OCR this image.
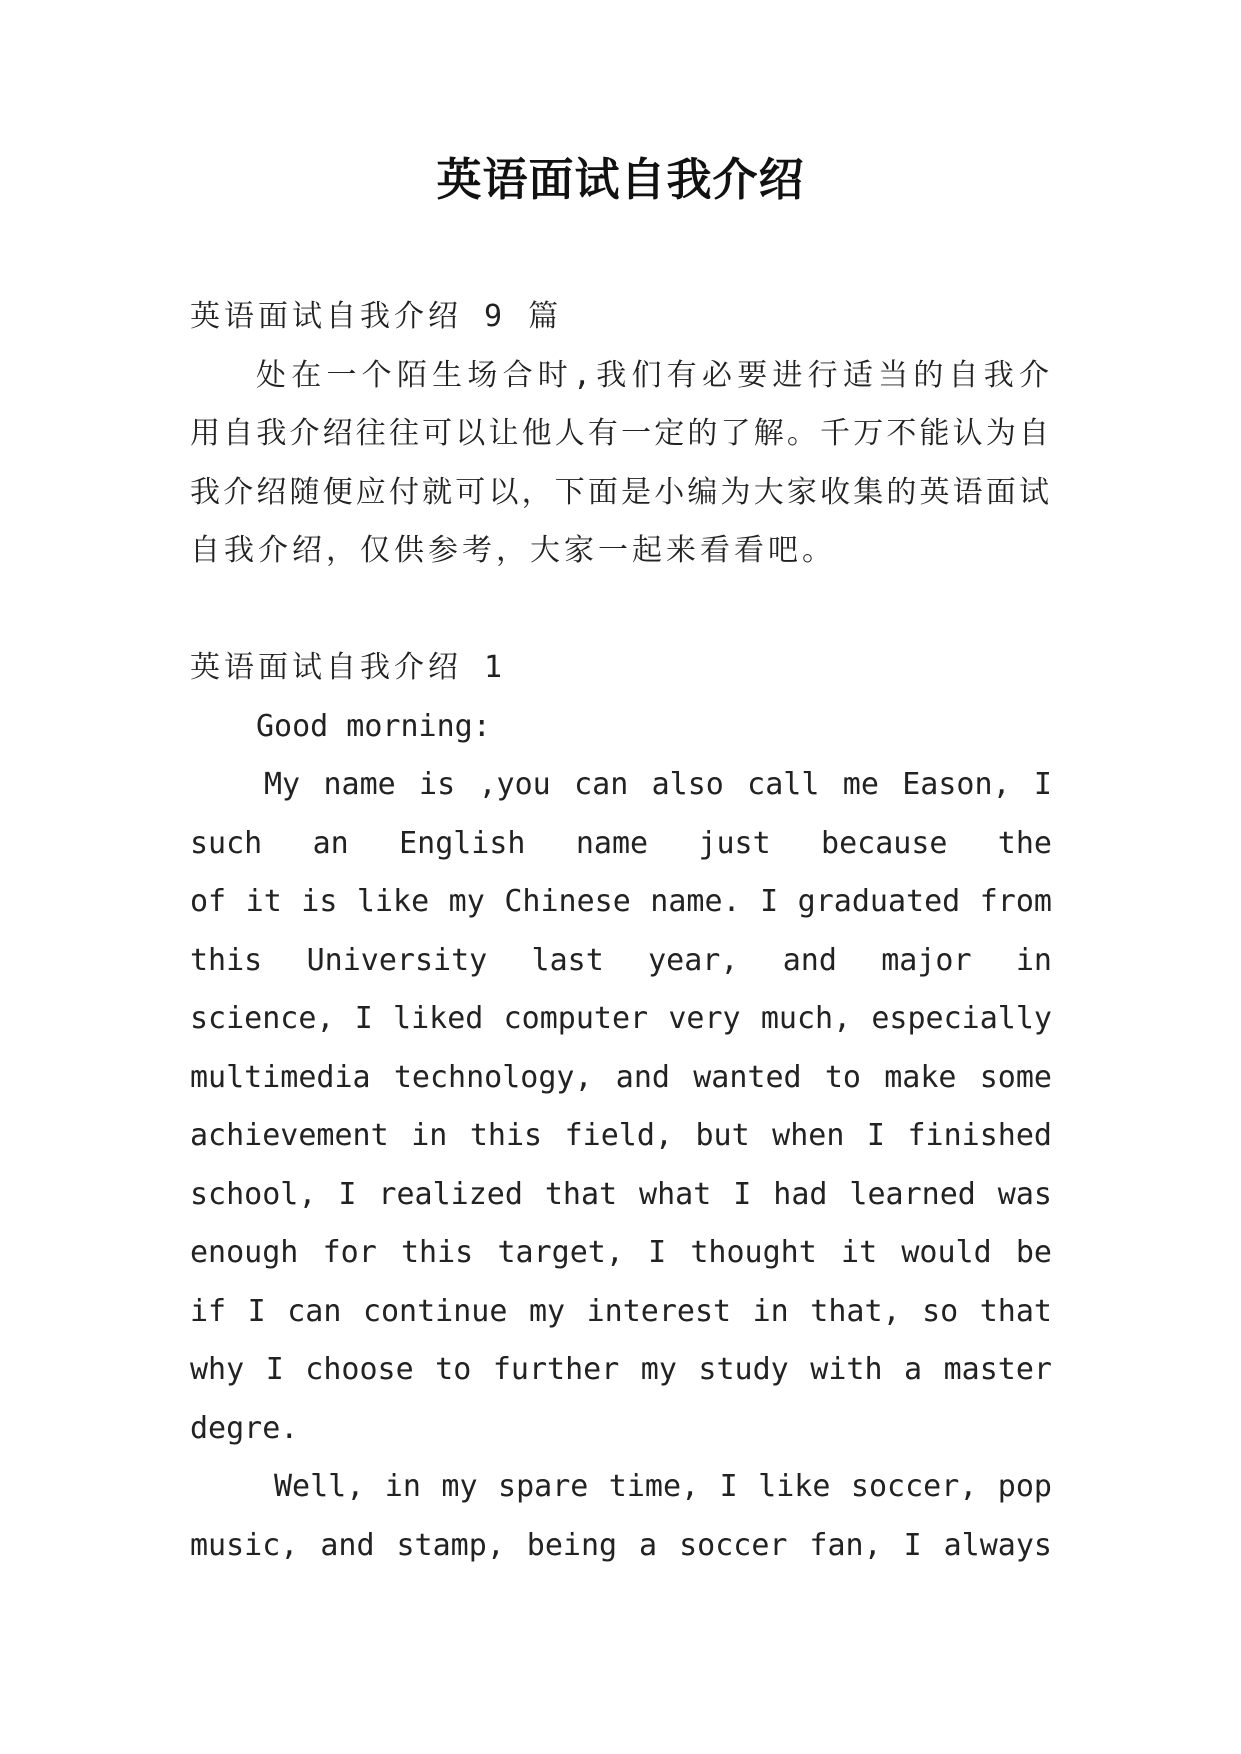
英语面试自我介绍
英语面试自我介绍 9 篇
处在一个陌生场合时,我们有必要进行适当的自我介
用自我介绍往往可以让他人有一定的了解。千万不能认为自
我介绍随便应付就可以，下面是小编为大家收集的英语面试
自我介绍，仅供参考，大家一起来看看吧。
英语面试自我介绍 1
Good morning:
My name is ,you can also call me Eason, I
such an English name just because the
of it is like my Chinese name. I graduated from
this University last year, and major in
science, I liked computer very much, especially
multimedia technology, and wanted to make some
achievement in this field, but when I finished
school, I realized that what I had learned was
enough for this target, I thought it would be
if I can continue my interest in that, so that
why I choose to further my study with a master
degre.
Well, in my spare time, I like soccer, pop
music, and stamp, being a soccer fan, I always
